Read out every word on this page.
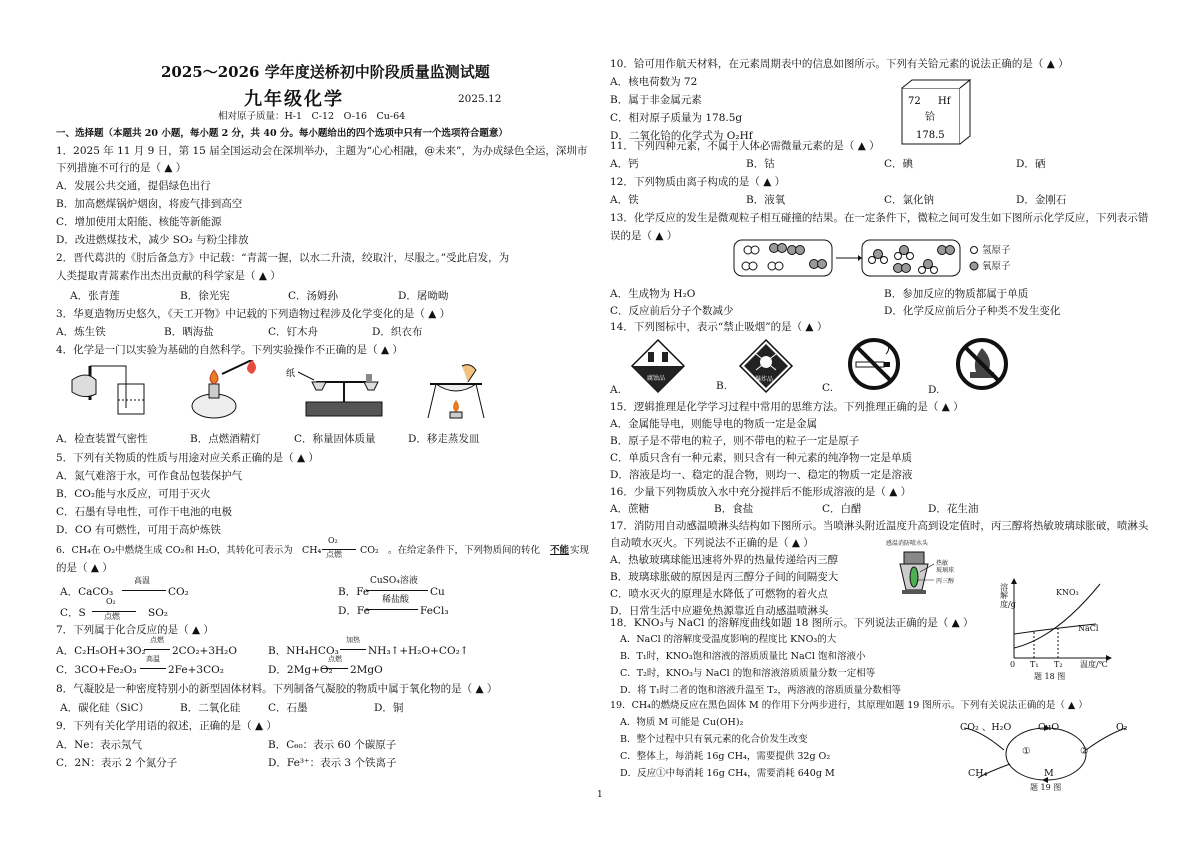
2025～2026 学年度送桥初中阶段质量监测试题
九年级化学	2025.12
相对原子质量：H-1　C-12　O-16　Cu-64
一、选择题（本题共 20 小题，每小题 2 分，共 40 分。每小题给出的四个选项中只有一个选项符合题意）
1．2025 年 11 月 9 日，第 15 届全国运动会在深圳举办，主题为“心心相融，@未来”，为办成绿色全运，深圳市
下列措施不可行的是（ ▲ ）
A．发展公共交通，提倡绿色出行
B．加高燃煤锅炉烟囱，将废气排到高空
C．增加使用太阳能、核能等新能源
D．改进燃煤技术，减少 SO₂ 与粉尘排放
2．晋代葛洪的《肘后备急方》中记载：“青蒿一握，以水二升渍，绞取汁，尽服之。”受此启发，为
人类提取青蒿素作出杰出贡献的科学家是（ ▲ ）
A．张青莲	B．徐光宪	C．汤姆孙	D．屠呦呦
3．华夏造物历史悠久，《天工开物》中记载的下列造物过程涉及化学变化的是（ ▲ ）
A．炼生铁	B．晒海盐	C．钉木舟	D．织衣布
4．化学是一门以实验为基础的自然科学。下列实验操作不正确的是（ ▲ ）
纸
A．检查装置气密性	B．点燃酒精灯	C．称量固体质量	D．移走蒸发皿
5．下列有关物质的性质与用途对应关系正确的是（ ▲ ）
A．氮气难溶于水，可作食品包装保护气
B．CO₂能与水反应，可用于灭火
C．石墨有导电性，可作干电池的电极
D．CO 有可燃性，可用于高炉炼铁
6．CH₄在 O₂中燃烧生成 CO₂和 H₂O，其转化可表示为 CH₄
O₂
点燃 CO₂ 。在给定条件下，下列物质间的转化 不能 实现
的是（ ▲ ）
A．CaCO₃
高温
CO₂	B．Fe
CuSO₄溶液
Cu
C．S
O₂
点燃	SO₂	D．Fe
稀盐酸
FeCl₃
7．下列属于化合反应的是（ ▲ ）
A．C₂H₅OH+3O₂
点燃
2CO₂+3H₂O	B．NH₄HCO₃
加热
NH₃↑+H₂O+CO₂↑
C．3CO+Fe₂O₃
高温
2Fe+3CO₂	D．2Mg+O₂
点燃
2MgO
8．气凝胶是一种密度特别小的新型固体材料。下列制备气凝胶的物质中属于氧化物的是（ ▲ ）
A．碳化硅（SiC）	B．二氧化硅	C．石墨	D．铜
9．下列有关化学用语的叙述，正确的是（ ▲ ）
A．Ne：表示氖气	B．C₆₀：表示 60 个碳原子
C．2N：表示 2 个氮分子	D．Fe³⁺：表示 3 个铁离子
10．铪可用作航天材料，在元素周期表中的信息如图所示。下列有关铪元素的说法正确的是（ ▲ ）
A．核电荷数为 72
B．属于非金属元素
C．相对原子质量为 178.5g
D．二氧化铪的化学式为 O₂Hf
72 Hf
铪
178.5
11．下列四种元素，不属于人体必需微量元素的是（ ▲ ）
A．钙	B．钴	C．碘	D．硒
12．下列物质由离子构成的是（ ▲ ）
A．铁	B．液氧	C．氯化钠	D．金刚石
13．化学反应的发生是微观粒子相互碰撞的结果。在一定条件下，微粒之间可发生如下图所示化学反应，下列表示错
误的是（ ▲ ）
氢原子
氧原子
A．生成物为 H₂O	B．参加反应的物质都属于单质
C．反应前后分子个数减少	D．化学反应前后分子种类不发生变化
14．下列图标中，表示“禁止吸烟”的是（ ▲ ）
腐蚀品	爆炸品
A.	B.	C.	D.
15．逻辑推理是化学学习过程中常用的思维方法。下列推理正确的是（ ▲ ）
A．金属能导电，则能导电的物质一定是金属
B．原子是不带电的粒子，则不带电的粒子一定是原子
C．单质只含有一种元素，则只含有一种元素的纯净物一定是单质
D．溶液是均一、稳定的混合物，则均一、稳定的物质一定是溶液
16．少量下列物质放入水中充分搅拌后不能形成溶液的是（ ▲ ）
A．蔗糖	B．食盐	C．白醋	D．花生油
17．消防用自动感温喷淋头结构如下图所示。当喷淋头附近温度升高到设定值时，丙三醇将热敏玻璃球胀破，喷淋头
自动喷水灭火。下列说法不正确的是（ ▲ ）
A．热敏玻璃球能迅速将外界的热量传递给丙三醇
B．玻璃球胀破的原因是丙三醇分子间的间隔变大
C．喷水灭火的原理是水降低了可燃物的着火点
D．日常生活中应避免热源靠近自动感温喷淋头
感温消防喷水头
热敏
玻璃球
丙三醇
18．KNO₃与 NaCl 的溶解度曲线如题 18 图所示。下列说法正确的是（ ▲ ）
A．NaCl 的溶解度受温度影响的程度比 KNO₃的大
B．T₁时，KNO₃饱和溶液的溶质质量比 NaCl 饱和溶液小
C．T₂时，KNO₃与 NaCl 的饱和溶液溶质质量分数一定相等
D．将 T₁时二者的饱和溶液升温至 T₂，两溶液的溶质质量分数相等
溶解度/g
KNO₃
NaCl
0 T₁ T₂ 温度/℃
题 18 图
19．CH₄的燃烧反应在黑色固体 M 的作用下分两步进行，其原理如题 19 图所示。下列有关说法正确的是（ ▲ ）
A．物质 M 可能是 Cu(OH)₂
B．整个过程中只有氧元素的化合价发生改变
C．整体上，每消耗 16g CH₄，需要提供 32g O₂
D．反应①中每消耗 16g CH₄，需要消耗 640g M
CO₂ 、H₂O	CuO	O₂
①	②
CH₄	M
题 19 图
1
